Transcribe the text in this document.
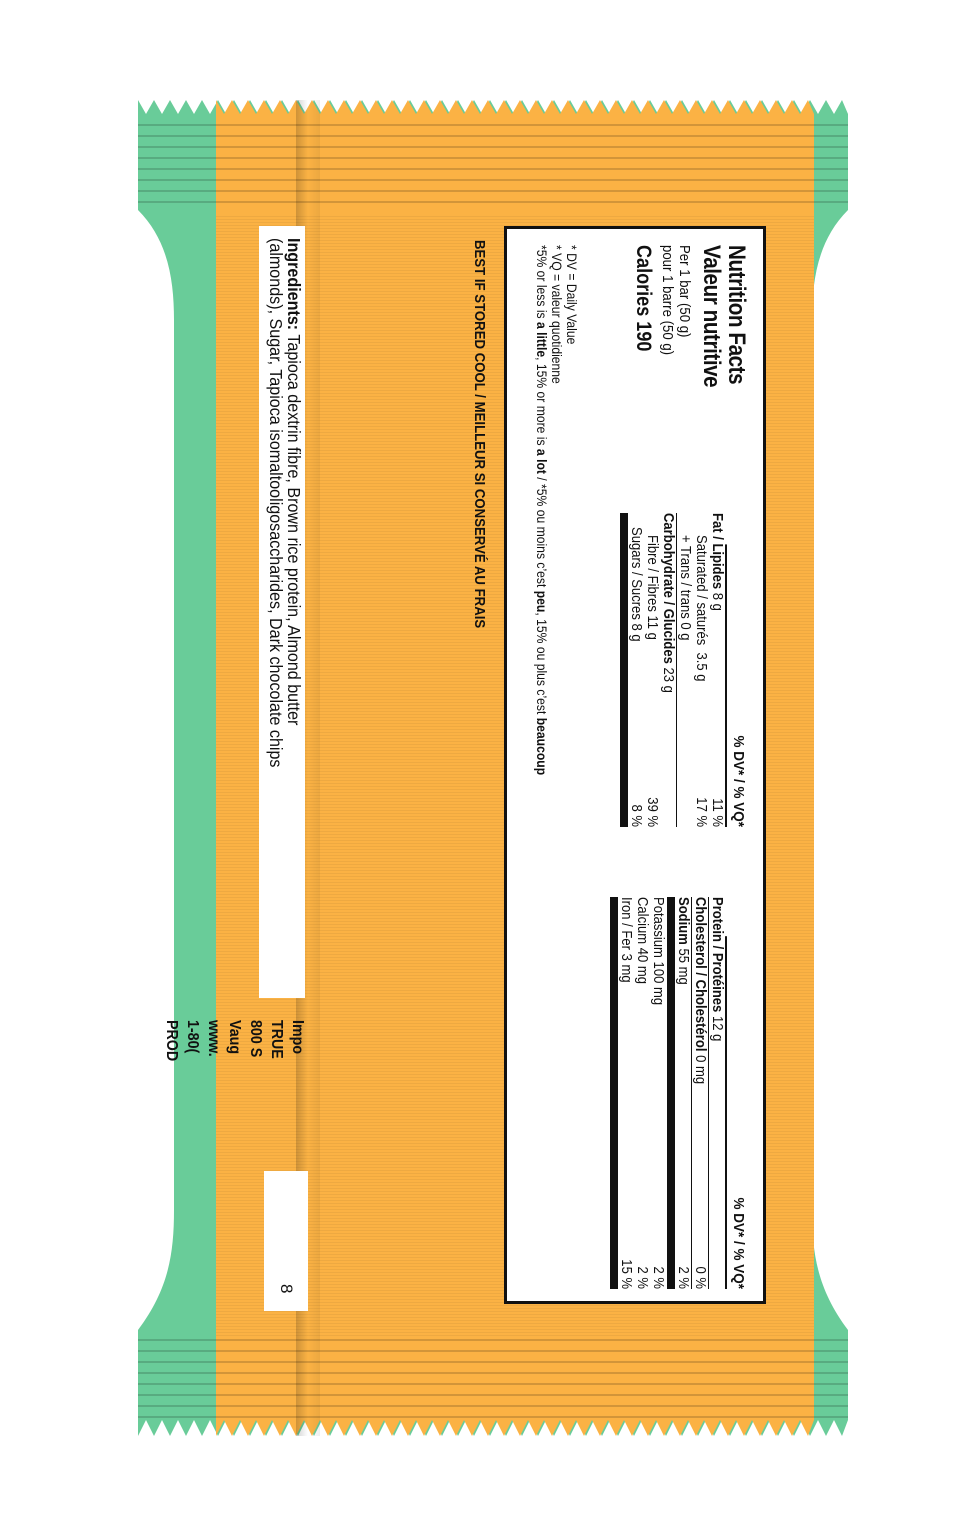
Nutrition Facts
Valeur nutritive
Per 1 bar (50 g)
pour 1 barre (50 g)
Calories 190
* DV = Daily Value
* VQ = valeur quotidienne
*5% or less is a little, 15% or more is a lot / *5% ou moins c’est peu, 15% ou plus c’est beaucoup	% DV* / % VQ*
Fat / Lipides 8 g
11 %
Saturated / saturés  3.5 g
17 %
+ Trans / trans 0 g
Carbohydrate / Glucides 23 g
Fibre / Fibres 11 g
39 %
Sugars / Sucres 8 g
8 %
% DV* / % VQ*
Protein / Protéines 12 g
Cholesterol / Cholestérol 0 mg
0 %
Sodium 55 mg
2 %
Potassium 100 mg
2 %
Calcium 40 mg
2 %
Iron / Fer 3 mg
15 %
BEST IF STORED COOL / MEILLEUR SI CONSERVÉ AU FRAIS
Ingredients: Tapioca dextrin fibre, Brown rice protein, Almond butter
(almonds), Sugar, Tapioca isomaltooligosaccharides, Dark chocolate chips
Impo
TRUE
800 S
Vaug
www.
1-80(
PROD
8
